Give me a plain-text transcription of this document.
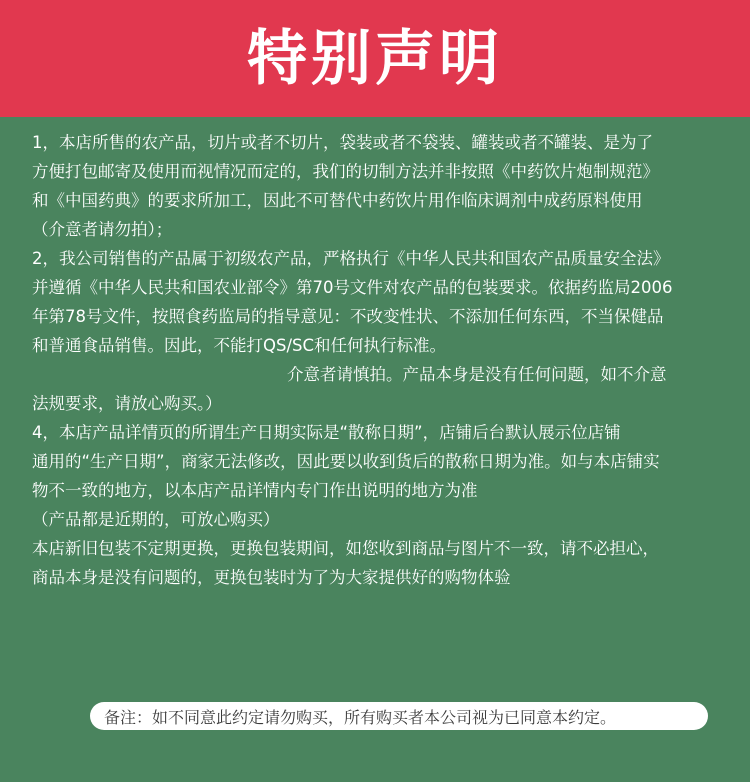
特别声明
1，本店所售的农产品，切片或者不切片，袋装或者不袋装、罐装或者不罐装、是为了
方便打包邮寄及使用而视情况而定的，我们的切制方法并非按照《中药饮片炮制规范》
和《中国药典》的要求所加工，因此不可替代中药饮片用作临床调剂中成药原料使用
（介意者请勿拍）；
2，我公司销售的产品属于初级农产品，严格执行《中华人民共和国农产品质量安全法》
并遵循《中华人民共和国农业部令》第70号文件对农产品的包装要求。依据药监局2006
年第78号文件，按照食药监局的指导意见：不改变性状、不添加任何东西，不当保健品
和普通食品销售。因此，不能打QS/SC和任何执行标准。
介意者请慎拍。产品本身是没有任何问题，如不介意
法规要求，请放心购买。）
4，本店产品详情页的所谓生产日期实际是“散称日期”，店铺后台默认展示位店铺
通用的“生产日期”，商家无法修改，因此要以收到货后的散称日期为准。如与本店铺实
物不一致的地方，以本店产品详情内专门作出说明的地方为准
（产品都是近期的，可放心购买）
本店新旧包装不定期更换，更换包装期间，如您收到商品与图片不一致，请不必担心，
商品本身是没有问题的，更换包装时为了为大家提供好的购物体验
备注：如不同意此约定请勿购买，所有购买者本公司视为已同意本约定。
